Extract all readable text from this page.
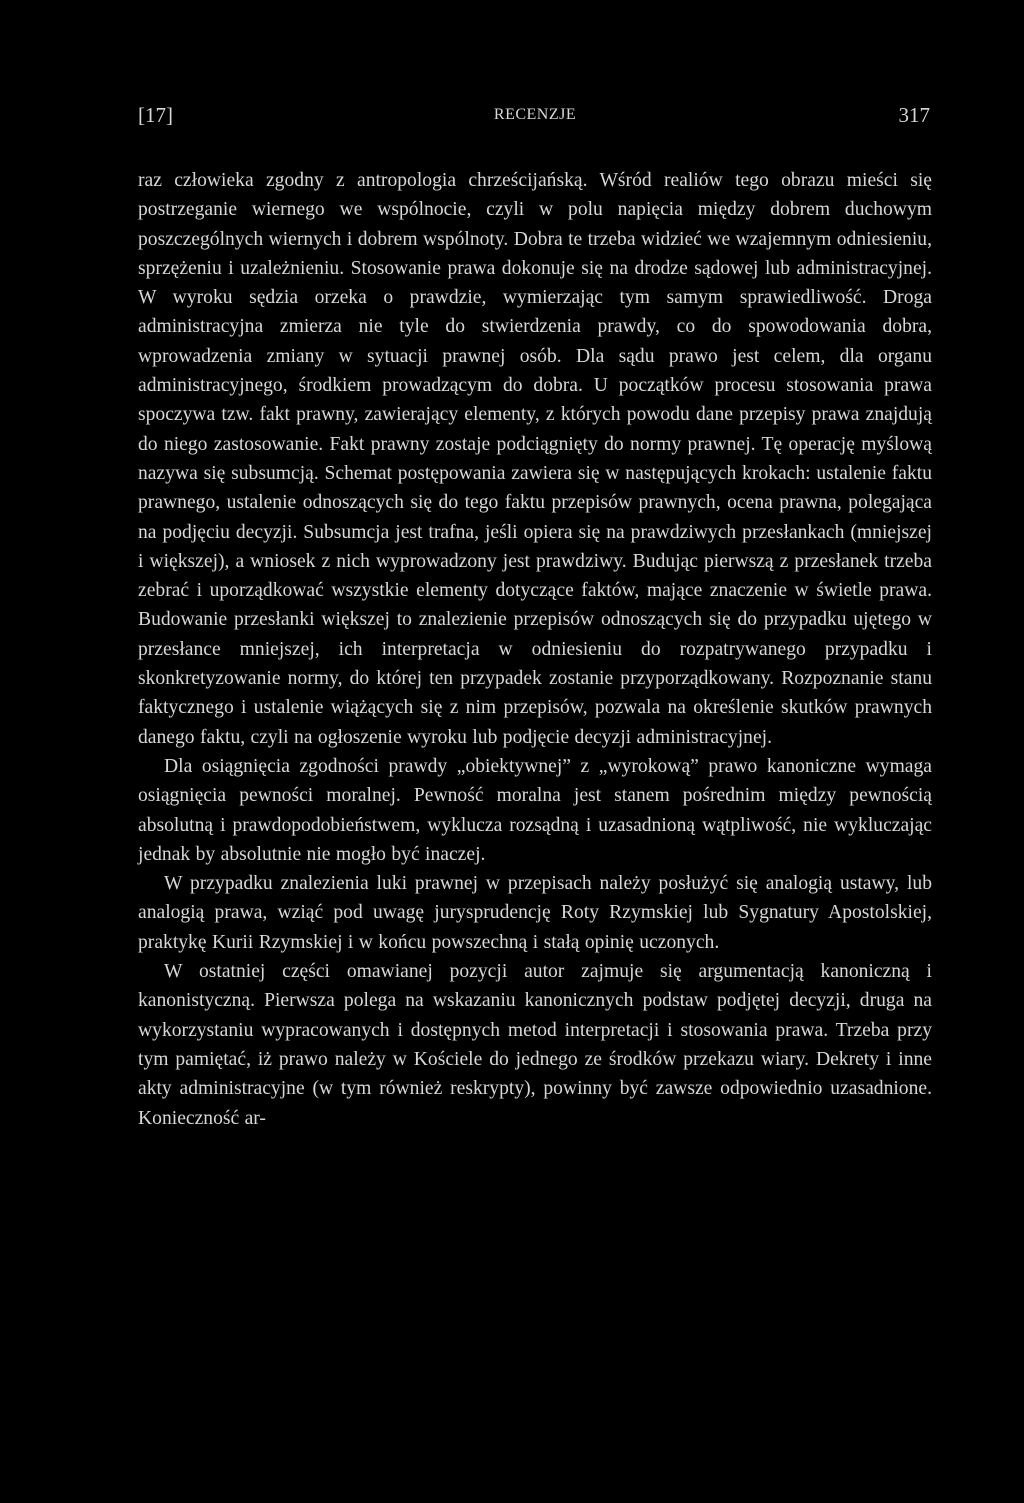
[17]	RECENZJE	317

raz człowieka zgodny z antropologia chrześcijańską. Wśród realiów tego obrazu mieści się postrzeganie wiernego we wspólnocie, czyli w polu napięcia między dobrem duchowym poszczególnych wiernych i dobrem wspólnoty. Dobra te trzeba widzieć we wzajemnym odniesieniu, sprzężeniu i uzależnieniu. Stosowanie prawa dokonuje się na drodze sądowej lub administracyjnej. W wyroku sędzia orzeka o prawdzie, wymierzając tym samym sprawiedliwość. Droga administracyjna zmierza nie tyle do stwierdzenia prawdy, co do spowodowania dobra, wprowadzenia zmiany w sytuacji prawnej osób. Dla sądu prawo jest celem, dla organu administracyjnego, środkiem prowadzącym do dobra. U początków procesu stosowania prawa spoczywa tzw. fakt prawny, zawierający elementy, z których powodu dane przepisy prawa znajdują do niego zastosowanie. Fakt prawny zostaje podciągnięty do normy prawnej. Tę operację myślową nazywa się subsumcją. Schemat postępowania zawiera się w następujących krokach: ustalenie faktu prawnego, ustalenie odnoszących się do tego faktu przepisów prawnych, ocena prawna, polegająca na podjęciu decyzji. Subsumcja jest trafna, jeśli opiera się na prawdziwych przesłankach (mniejszej i większej), a wniosek z nich wyprowadzony jest prawdziwy. Budując pierwszą z przesłanek trzeba zebrać i uporządkować wszystkie elementy dotyczące faktów, mające znaczenie w świetle prawa. Budowanie przesłanki większej to znalezienie przepisów odnoszących się do przypadku ujętego w przesłance mniejszej, ich interpretacja w odniesieniu do rozpatrywanego przypadku i skonkretyzowanie normy, do której ten przypadek zostanie przyporządkowany. Rozpoznanie stanu faktycznego i ustalenie wiążących się z nim przepisów, pozwala na określenie skutków prawnych danego faktu, czyli na ogłoszenie wyroku lub podjęcie decyzji administracyjnej.

Dla osiągnięcia zgodności prawdy „obiektywnej” z „wyrokową” prawo kanoniczne wymaga osiągnięcia pewności moralnej. Pewność moralna jest stanem pośrednim między pewnością absolutną i prawdopodobieństwem, wyklucza rozsądną i uzasadnioną wątpliwość, nie wykluczając jednak by absolutnie nie mogło być inaczej.

W przypadku znalezienia luki prawnej w przepisach należy posłużyć się analogią ustawy, lub analogią prawa, wziąć pod uwagę jurysprudencję Roty Rzymskiej lub Sygnatury Apostolskiej, praktykę Kurii Rzymskiej i w końcu powszechną i stałą opinię uczonych.

W ostatniej części omawianej pozycji autor zajmuje się argumentacją kanoniczną i kanonistyczną. Pierwsza polega na wskazaniu kanonicznych podstaw podjętej decyzji, druga na wykorzystaniu wypracowanych i dostępnych metod interpretacji i stosowania prawa. Trzeba przy tym pamiętać, iż prawo należy w Kościele do jednego ze środków przekazu wiary. Dekrety i inne akty administracyjne (w tym również reskrypty), powinny być zawsze odpowiednio uzasadnione. Konieczność ar-
